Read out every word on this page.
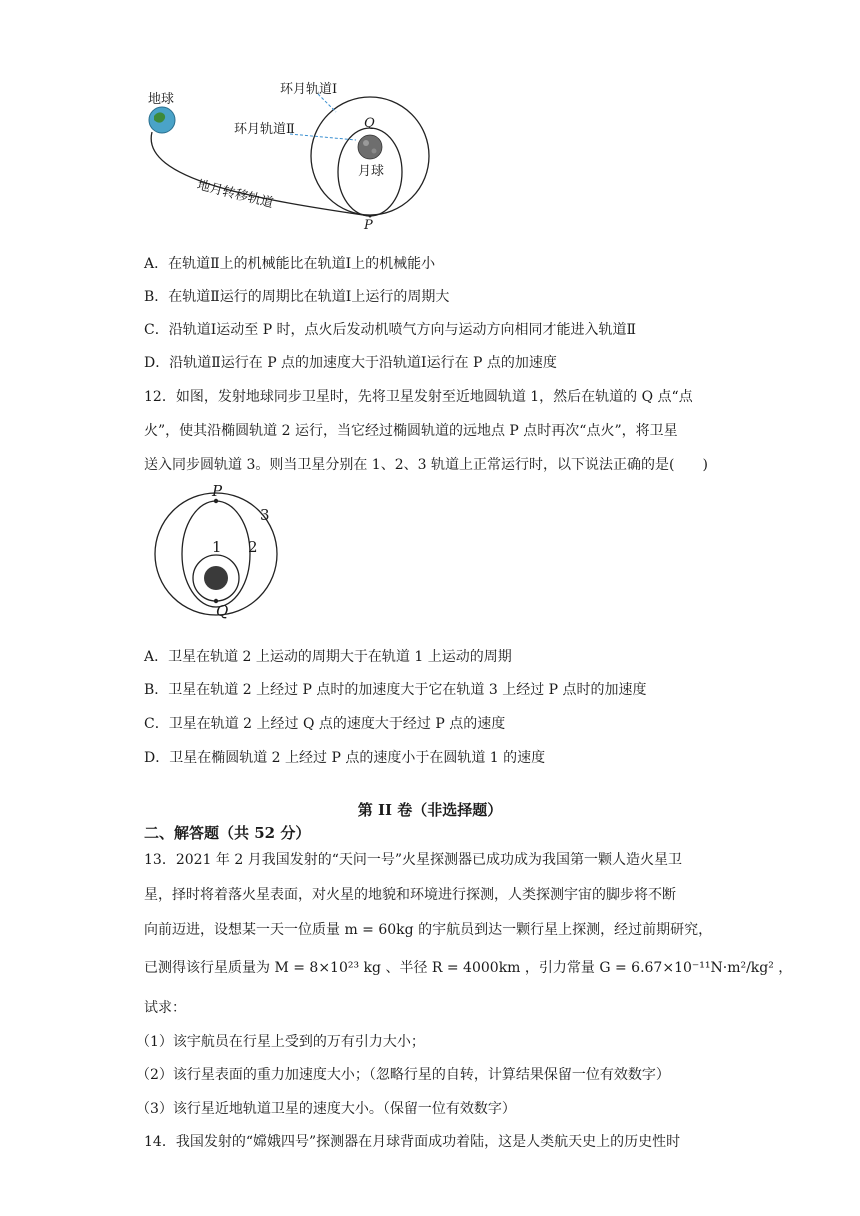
地球
环月轨道Ⅰ
环月轨道Ⅱ
地月转移轨道
月球
Q
P
A．在轨道Ⅱ上的机械能比在轨道Ⅰ上的机械能小
B．在轨道Ⅱ运行的周期比在轨道Ⅰ上运行的周期大
C．沿轨道Ⅰ运动至 P 时，点火后发动机喷气方向与运动方向相同才能进入轨道Ⅱ
D．沿轨道Ⅱ运行在 P 点的加速度大于沿轨道Ⅰ运行在 P 点的加速度
12．如图，发射地球同步卫星时，先将卫星发射至近地圆轨道 1，然后在轨道的 Q 点“点
火”，使其沿椭圆轨道 2 运行，当它经过椭圆轨道的远地点 P 点时再次“点火”，将卫星
送入同步圆轨道 3。则当卫星分别在 1、2、3 轨道上正常运行时，以下说法正确的是(　　)
P
Q
1 2
3
A．卫星在轨道 2 上运动的周期大于在轨道 1 上运动的周期
B．卫星在轨道 2 上经过 P 点时的加速度大于它在轨道 3 上经过 P 点时的加速度
C．卫星在轨道 2 上经过 Q 点的速度大于经过 P 点的速度
D．卫星在椭圆轨道 2 上经过 P 点的速度小于在圆轨道 1 的速度
第 II 卷（非选择题）
二、解答题（共 52 分）
13．2021 年 2 月我国发射的“天问一号”火星探测器已成功成为我国第一颗人造火星卫
星，择时将着落火星表面，对火星的地貌和环境进行探测，人类探测宇宙的脚步将不断
向前迈进，设想某一天一位质量 m = 60kg 的宇航员到达一颗行星上探测，经过前期研究，
已测得该行星质量为 M = 8×10²³ kg 、半径 R = 4000km ，引力常量 G = 6.67×10⁻¹¹N·m²/kg² ，
试求：
（1）该宇航员在行星上受到的万有引力大小；
（2）该行星表面的重力加速度大小；（忽略行星的自转，计算结果保留一位有效数字）
（3）该行星近地轨道卫星的速度大小。（保留一位有效数字）
14．我国发射的“嫦娥四号”探测器在月球背面成功着陆，这是人类航天史上的历史性时
